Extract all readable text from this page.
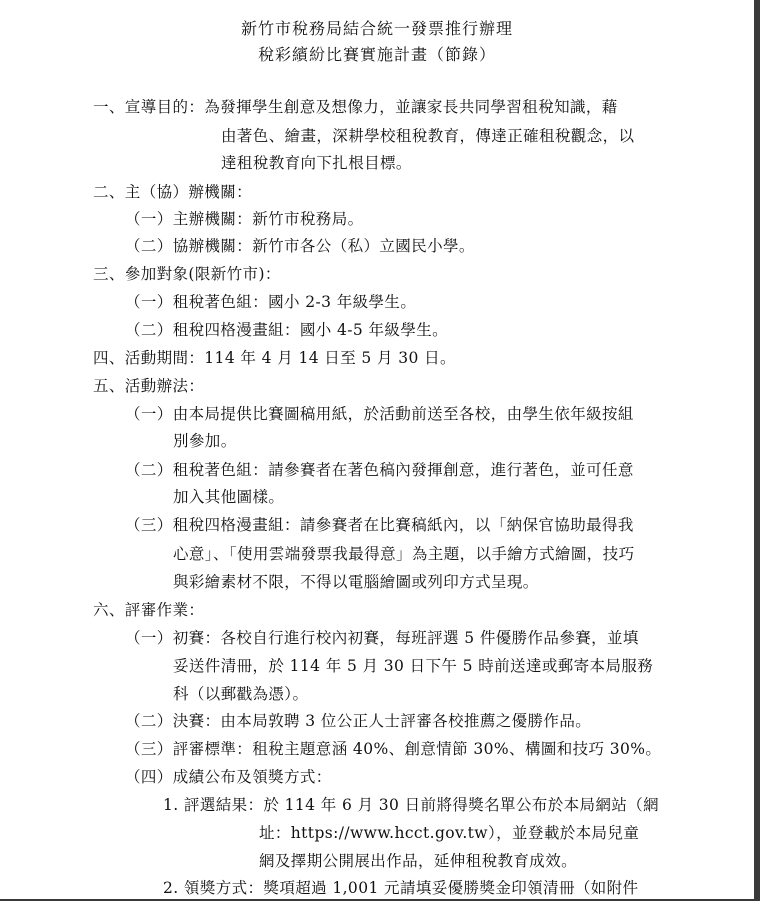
新竹市稅務局結合統一發票推行辦理
稅彩繽紛比賽實施計畫（節錄）
一、宣導目的：為發揮學生創意及想像力，並讓家長共同學習租稅知識，藉
由著色、繪畫，深耕學校租稅教育，傳達正確租稅觀念，以
達租稅教育向下扎根目標。
二、主（協）辦機關：
（一）主辦機關：新竹市稅務局。
（二）協辦機關：新竹市各公（私）立國民小學。
三、參加對象(限新竹市)：
（一）租稅著色組：國小 2-3 年級學生。
（二）租稅四格漫畫組：國小 4-5 年級學生。
四、活動期間：114 年 4 月 14 日至 5 月 30 日。
五、活動辦法：
（一）由本局提供比賽圖稿用紙，於活動前送至各校，由學生依年級按組
別參加。
（二）租稅著色組：請參賽者在著色稿內發揮創意，進行著色，並可任意
加入其他圖樣。
（三）租稅四格漫畫組：請參賽者在比賽稿紙內，以「納保官協助最得我
心意」、「使用雲端發票我最得意」為主題，以手繪方式繪圖，技巧
與彩繪素材不限，不得以電腦繪圖或列印方式呈現。
六、評審作業：
（一）初賽：各校自行進行校內初賽，每班評選 5 件優勝作品參賽，並填
妥送件清冊，於 114 年 5 月 30 日下午 5 時前送達或郵寄本局服務
科（以郵戳為憑）。
（二）決賽：由本局敦聘 3 位公正人士評審各校推薦之優勝作品。
（三）評審標準：租稅主題意涵 40%、創意情節 30%、構圖和技巧 30%。
（四）成績公布及領獎方式：
1. 評選結果：於 114 年 6 月 30 日前將得獎名單公布於本局網站（網
址：https://www.hcct.gov.tw），並登載於本局兒童
網及擇期公開展出作品，延伸租稅教育成效。
2. 領獎方式：獎項超過 1,001 元請填妥優勝獎金印領清冊（如附件
